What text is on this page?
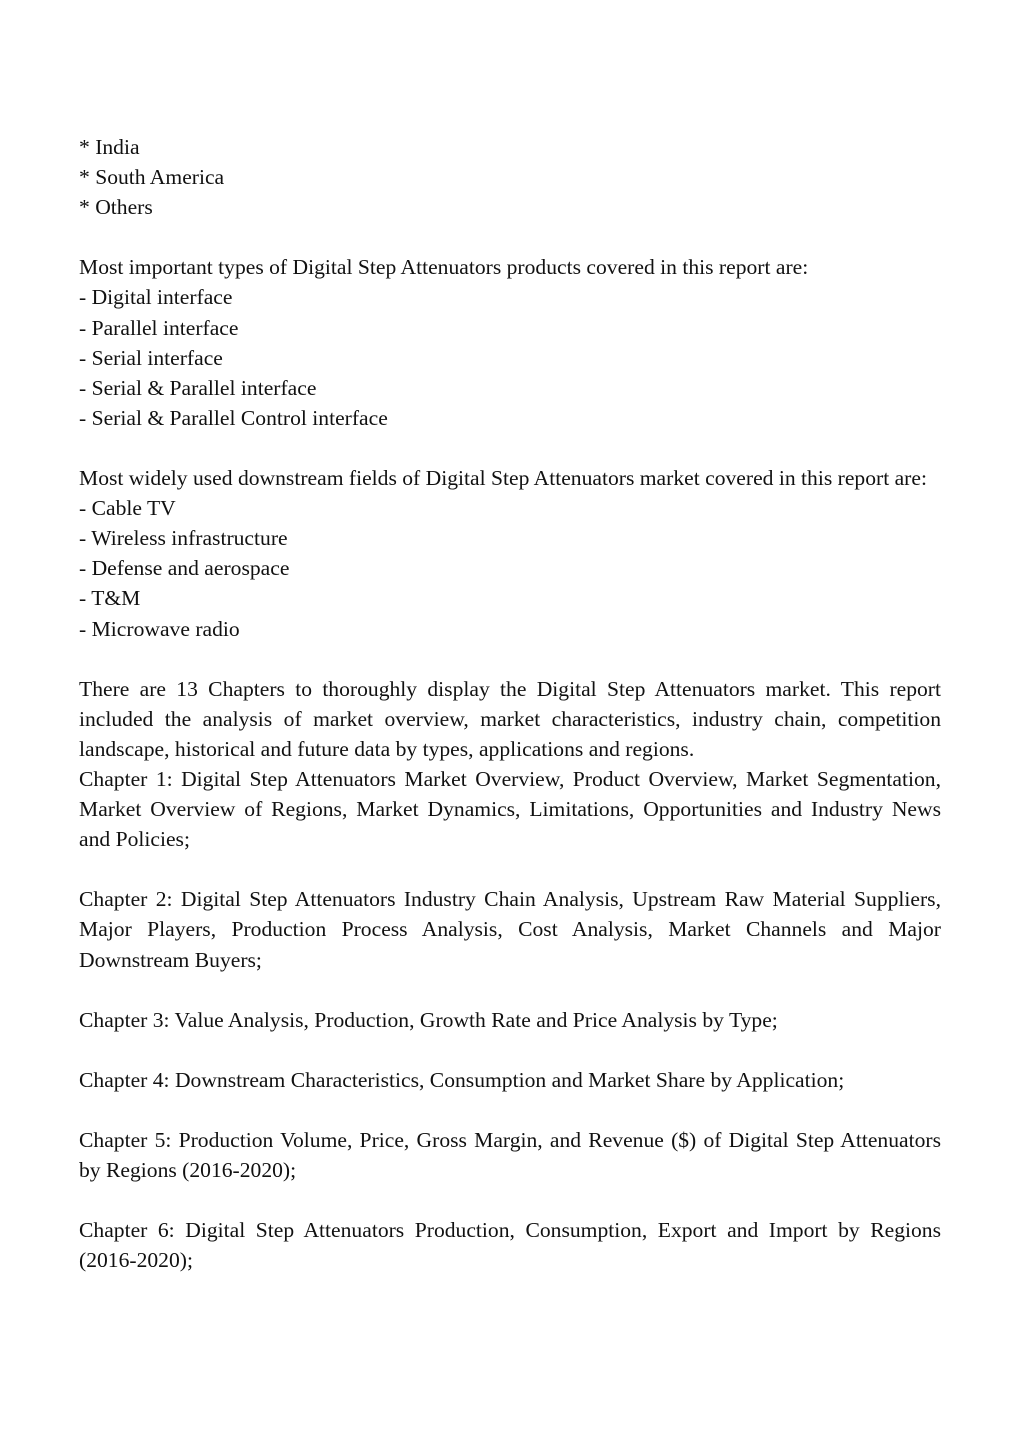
* India
* South America
* Others
Most important types of Digital Step Attenuators products covered in this report are:
- Digital interface
- Parallel interface
- Serial interface
- Serial & Parallel interface
- Serial & Parallel Control interface
Most widely used downstream fields of Digital Step Attenuators market covered in this report are:
- Cable TV
- Wireless infrastructure
- Defense and aerospace
- T&M
- Microwave radio
There are 13 Chapters to thoroughly display the Digital Step Attenuators market. This report included the analysis of market overview, market characteristics, industry chain, competition landscape, historical and future data by types, applications and regions.
Chapter 1: Digital Step Attenuators Market Overview, Product Overview, Market Segmentation, Market Overview of Regions, Market Dynamics, Limitations, Opportunities and Industry News and Policies;
Chapter 2: Digital Step Attenuators Industry Chain Analysis, Upstream Raw Material Suppliers, Major Players, Production Process Analysis, Cost Analysis, Market Channels and Major Downstream Buyers;
Chapter 3: Value Analysis, Production, Growth Rate and Price Analysis by Type;
Chapter 4: Downstream Characteristics, Consumption and Market Share by Application;
Chapter 5: Production Volume, Price, Gross Margin, and Revenue ($) of Digital Step Attenuators by Regions (2016-2020);
Chapter 6: Digital Step Attenuators Production, Consumption, Export and Import by Regions (2016-2020);
